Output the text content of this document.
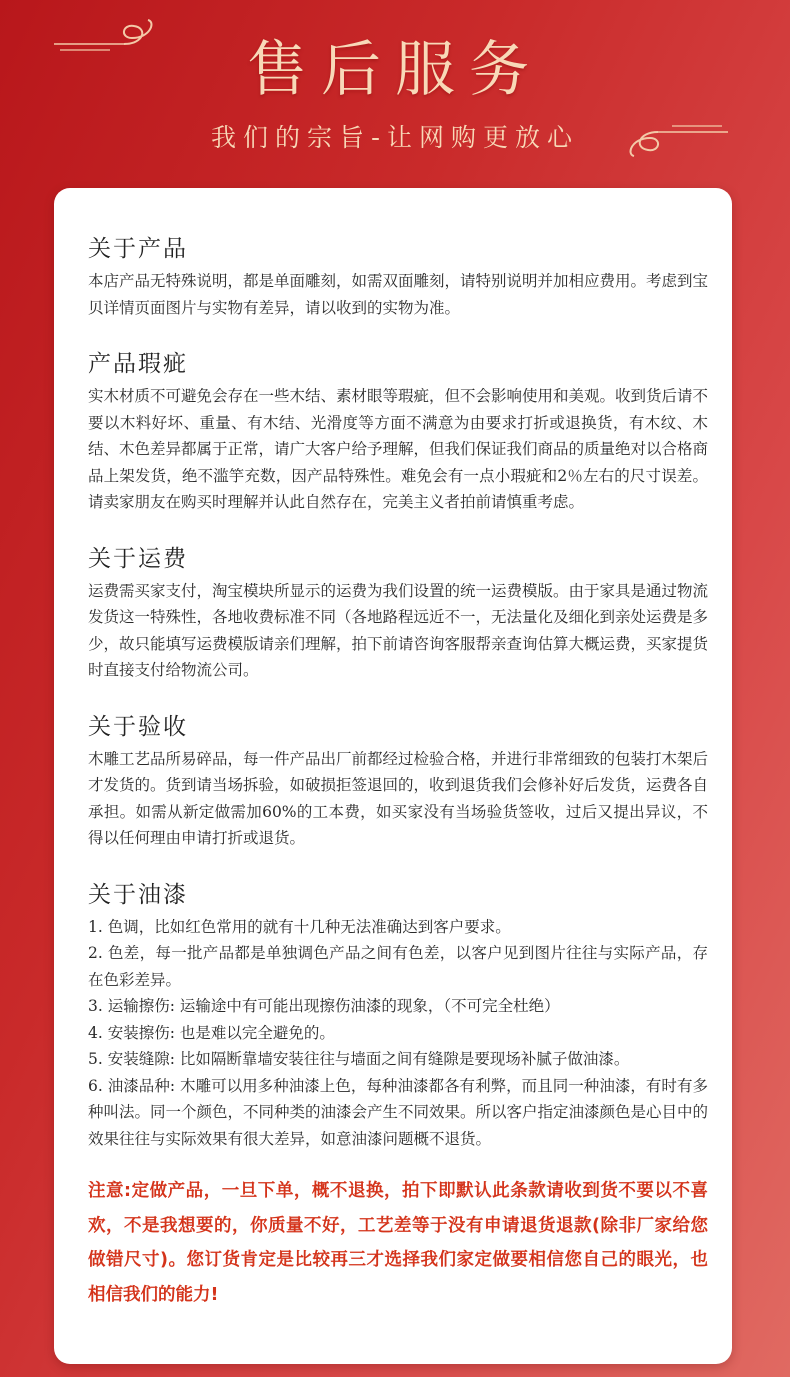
售后服务
我们的宗旨-让网购更放心
关于产品

本店产品无特殊说明，都是单面雕刻，如需双面雕刻，请特别说明并加相应费用。考虑到宝贝详情页面图片与实物有差异，请以收到的实物为准。

产品瑕疵

实木材质不可避免会存在一些木结、素材眼等瑕疵，但不会影响使用和美观。收到货后请不要以木料好坏、重量、有木结、光滑度等方面不满意为由要求打折或退换货，有木纹、木结、木色差异都属于正常，请广大客户给予理解，但我们保证我们商品的质量绝对以合格商品上架发货，绝不滥竽充数，因产品特殊性。难免会有一点小瑕疵和2％左右的尺寸误差。请卖家朋友在购买时理解并认此自然存在，完美主义者拍前请慎重考虑。

关于运费

运费需买家支付，淘宝模块所显示的运费为我们设置的统一运费模版。由于家具是通过物流发货这一特殊性，各地收费标准不同（各地路程远近不一，无法量化及细化到亲处运费是多少，故只能填写运费模版请亲们理解，拍下前请咨询客服帮亲查询估算大概运费，买家提货时直接支付给物流公司。

关于验收

木雕工艺品所易碎品，每一件产品出厂前都经过检验合格，并进行非常细致的包装打木架后才发货的。货到请当场拆验，如破损拒签退回的，收到退货我们会修补好后发货，运费各自承担。如需从新定做需加60%的工本费，如买家没有当场验货签收，过后又提出异议，不得以任何理由申请打折或退货。

关于油漆

1. 色调，比如红色常用的就有十几种无法准确达到客户要求。

2. 色差，每一批产品都是单独调色产品之间有色差，以客户见到图片往往与实际产品，存在色彩差异。

3. 运输擦伤: 运输途中有可能出现擦伤油漆的现象，（不可完全杜绝）

4. 安装擦伤: 也是难以完全避免的。

5. 安装缝隙: 比如隔断靠墙安装往往与墙面之间有缝隙是要现场补腻子做油漆。

6. 油漆品种: 木雕可以用多种油漆上色，每种油漆都各有利弊，而且同一种油漆，有时有多种叫法。同一个颜色，不同种类的油漆会产生不同效果。所以客户指定油漆颜色是心目中的效果往往与实际效果有很大差异，如意油漆问题概不退货。

注意:定做产品，一旦下单，概不退换，拍下即默认此条款请收到货不要以不喜欢，不是我想要的，你质量不好，工艺差等于没有申请退货退款(除非厂家给您做错尺寸)。您订货肯定是比较再三才选择我们家定做要相信您自己的眼光，也相信我们的能力!
